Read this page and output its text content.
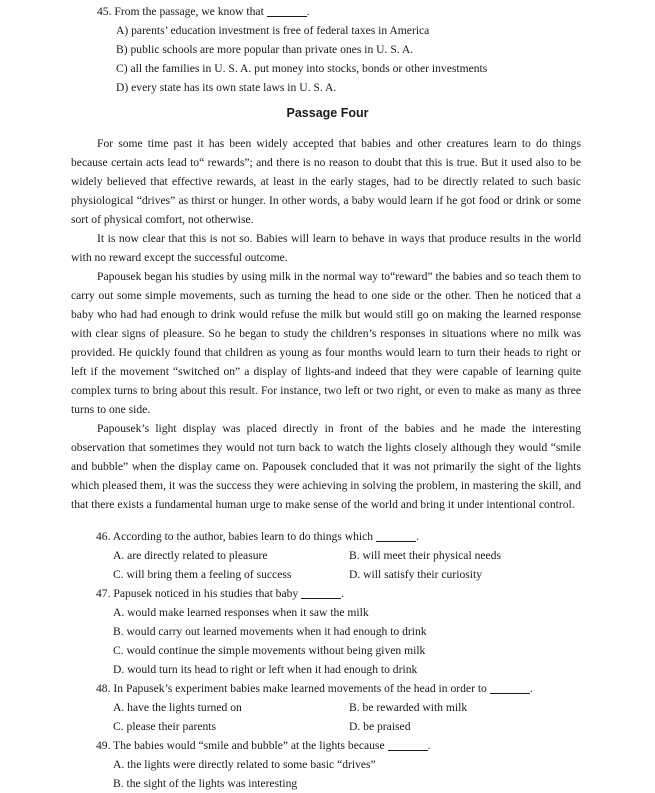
45. From the passage, we know that	.
A) parents’ education investment is free of federal taxes in America
B) public schools are more popular than private ones in U. S. A.
C) all the families in U. S. A. put money into stocks, bonds or other investments
D) every state has its own state laws in U. S. A.
Passage Four

For some time past it has been widely accepted that babies and other creatures learn to do things because certain acts lead to“ rewards”; and there is no reason to doubt that this is true. But it used also to be widely believed that effective rewards, at least in the early stages, had to be directly related to such basic physiological “drives” as thirst or hunger. In other words, a baby would learn if he got food or drink or some sort of physical comfort, not otherwise.

It is now clear that this is not so. Babies will learn to behave in ways that produce results in the world with no reward except the successful outcome.

Papousek began his studies by using milk in the normal way to“reward” the babies and so teach them to carry out some simple movements, such as turning the head to one side or the other. Then he noticed that a baby who had had enough to drink would refuse the milk but would still go on making the learned response with clear signs of pleasure. So he began to study the children’s responses in situations where no milk was provided. He quickly found that children as young as four months would learn to turn their heads to right or left if the movement “switched on” a display of lights-and indeed that they were capable of learning quite complex turns to bring about this result. For instance, two left or two right, or even to make as many as three turns to one side.

Papousek’s light display was placed directly in front of the babies and he made the interesting observation that sometimes they would not turn back to watch the lights closely although they would “smile and bubble” when the display came on. Papousek concluded that it was not primarily the sight of the lights which pleased them, it was the success they were achieving in solving the problem, in mastering the skill, and that there exists a fundamental human urge to make sense of the world and bring it under intentional control.

46. According to the author, babies learn to do things which	.
A. are directly related to pleasure	B. will meet their physical needs
C. will bring them a feeling of success	D. will satisfy their curiosity
47. Papusek noticed in his studies that baby	.
A. would make learned responses when it saw the milk
B. would carry out learned movements when it had enough to drink
C. would continue the simple movements without being given milk
D. would turn its head to right or left when it had enough to drink
48. In Papusek’s experiment babies make learned movements of the head in order to	.
A. have the lights turned on	B. be rewarded with milk
C. please their parents	D. be praised
49. The babies would “smile and bubble” at the lights because	.
A. the lights were directly related to some basic “drives”
B. the sight of the lights was interesting
